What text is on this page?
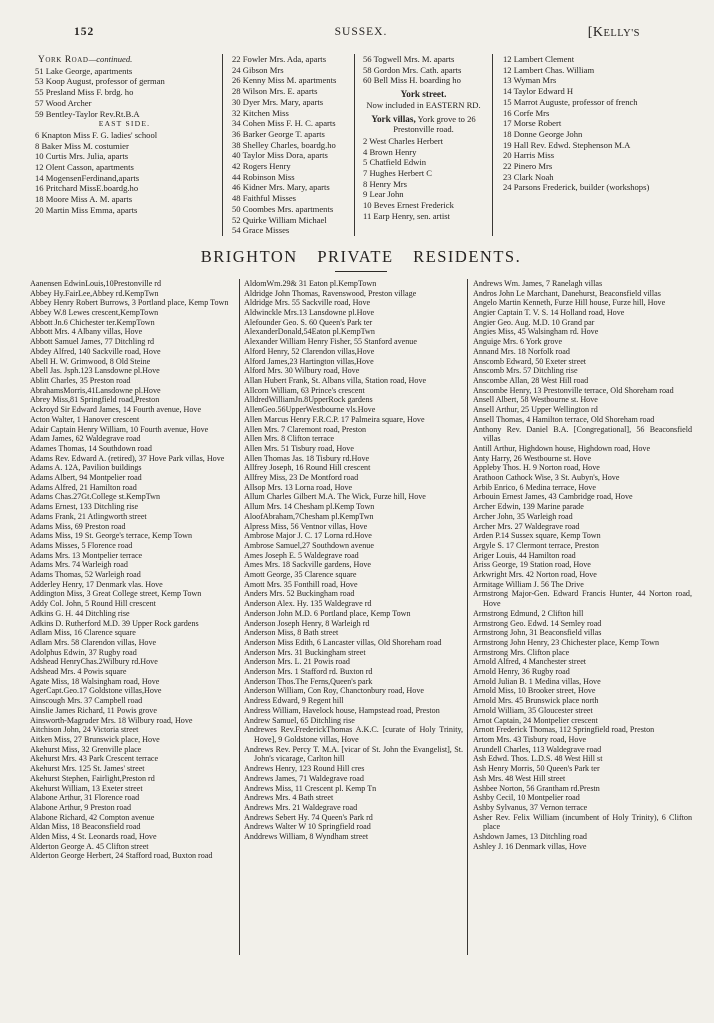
152	SUSSEX.	[KELLY'S
York Road—continued.
51 Lake George, apartments
53 Koop August, professor of german
55 Presland Miss F. brdg. ho
57 Wood Archer
59 Bentley-Taylor Rev.Rt.B.A
EAST SIDE.
6 Knapton Miss F. G. ladies' school
8 Baker Miss M. costumier
10 Curtis Mrs. Julia, aparts
12 Olent Casson, apartments
14 MogensenFerdinand,aparts
16 Pritchard MissE.boardg.ho
18 Moore Miss A. M. aparts
20 Martin Miss Emma, aparts
22 Fowler Mrs. Ada, aparts
24 Gibson Mrs
26 Kenny Miss M. apartments
28 Wilson Mrs. E. aparts
30 Dyer Mrs. Mary, aparts
32 Kitchen Miss
34 Cohen Miss F. H. C. aparts
36 Barker George T. aparts
38 Shelley Charles, boardg.ho
40 Taylor Miss Dora, aparts
42 Rogers Henry
44 Robinson Miss
46 Kidner Mrs. Mary, aparts
48 Faithful Misses
50 Coombes Mrs. apartments
52 Quirke William Michael
54 Grace Misses
56 Togwell Mrs. M. aparts
58 Gordon Mrs. Cath. aparts
60 Bell Miss H. boarding ho
York street.
Now included in EASTERN RD.
York villas, York grove to 26 Prestonville road.
2 West Charles Herbert
4 Brown Henry
5 Chatfield Edwin
7 Hughes Herbert C
8 Henry Mrs
9 Lear John
10 Beves Ernest Frederick
11 Earp Henry, sen. artist
12 Lambert Clement
12 Lambert Chas. William
13 Wyman Mrs
14 Taylor Edward H
15 Marrot Auguste, professor of french
16 Corfe Mrs
17 Morse Robert
18 Donne George John
19 Hall Rev. Edwd. Stephenson M.A
20 Harris Miss
22 Pinero Mrs
23 Clark Noah
24 Parsons Frederick, builder (workshops)
BRIGHTON PRIVATE RESIDENTS.
Aanensen EdwinLouis,10Prestonville rd
Abbey Hy.FairLee,Abbey rd.KempTwn
Abbey Henry Robert Burrows, 3 Portland place, Kemp Town
Abbey W.8 Lewes crescent,KempTown
Abbott Jn.6 Chichester ter.KempTown
Abbott Mrs. 4 Albany villas, Hove
Abbott Samuel James, 77 Ditchling rd
Abdey Alfred, 140 Sackville road, Hove
Abell H. W. Grimwood, 8 Old Steine
Abell Jas. Jsph.123 Lansdowne pl.Hove
Ablitt Charles, 35 Preston road
AbrahamsMorris,41Lansdowne pl.Hove
Abrey Miss,81 Springfield road,Preston
Ackroyd Sir Edward James, 14 Fourth avenue, Hove
Acton Walter, 1 Hanover crescent
Adair Captain Henry William, 10 Fourth avenue, Hove
Adam James, 62 Waldegrave road
Adames Thomas, 14 Southdown road
Adams Rev. Edward A. (retired), 37 Hove Park villas, Hove
Adams A. 12A, Pavilion buildings
Adams Albert, 94 Montpelier road
Adams Alfred, 21 Hamilton road
Adams Chas.27Gt.College st.KempTwn
Adams Ernest, 133 Ditchling rise
Adams Frank, 21 Atlingworth street
Adams Miss, 69 Preston road
Adams Miss, 19 St. George's terrace, Kemp Town
Adams Misses, 5 Florence road
Adams Mrs. 13 Montpelier terrace
Adams Mrs. 74 Warleigh road
Adams Thomas, 52 Warleigh road
Adderley Henry, 17 Denmark vlas. Hove
Addington Miss, 3 Great College street, Kemp Town
Addy Col. John, 5 Round Hill crescent
Adkins G. H. 44 Ditchling rise
Adkins D. Rutherford M.D. 39 Upper Rock gardens
Adlam Miss, 16 Clarence square
Adlam Mrs. 58 Clarendon villas, Hove
Adolphus Edwin, 37 Rugby road
Adshead HenryChas.2Wilbury rd.Hove
Adshead Mrs. 4 Powis square
Agate Miss, 18 Walsingham road, Hove
AgerCapt.Geo.17 Goldstone villas,Hove
Ainscough Mrs. 37 Campbell road
Ainslie James Richard, 11 Powis grove
Ainsworth-Magruder Mrs. 18 Wilbury road, Hove
Aitchison John, 24 Victoria street
Aitken Miss, 27 Brunswick place, Hove
Akehurst Miss, 32 Grenville place
Akehurst Mrs. 43 Park Crescent terrace
Akehurst Mrs. 125 St. James' street
Akehurst Stephen, Fairlight,Preston rd
Akehurst William, 13 Exeter street
Alabone Arthur, 31 Florence road
Alabone Arthur, 9 Preston road
Alabone Richard, 42 Compton avenue
Aldan Miss, 18 Beaconsfield road
Alden Miss, 4 St. Leonards road, Hove
Alderton George A. 45 Clifton street
Alderton George Herbert, 24 Stafford road, Buxton road
AldomWm.29& 31 Eaton pl.KempTown
Aldridge John Thomas, Ravenswood, Preston village
Aldridge Mrs. 55 Sackville road, Hove
Aldwinckle Mrs.13 Lansdowne pl.Hove
Alefounder Geo. S. 60 Queen's Park ter
AlexanderDonald,54Eaton pl.KempTwn
Alexander William Henry Fisher, 55 Stanford avenue
Alford Henry, 52 Clarendon villas,Hove
Alford James,23 Hartington villas,Hove
Alford Mrs. 30 Wilbury road, Hove
Allan Hubert Frank, St. Albans villa, Station road, Hove
Allcorn William, 63 Prince's crescent
AlldredWilliamJn.8UpperRock gardens
AllenGeo.56UpperWestbourne vls.Hove
Allen Marcus Henry F.R.C.P. 17 Palmeira square, Hove
Allen Mrs. 7 Claremont road, Preston
Allen Mrs. 8 Clifton terrace
Allen Mrs. 51 Tisbury road, Hove
Allen Thomas Jas. 18 Tisbury rd.Hove
Allfrey Joseph, 16 Round Hill crescent
Allfrey Miss, 23 De Montford road
Allsop Mrs. 13 Lorna road, Hove
Allum Charles Gilbert M.A. The Wick, Furze hill, Hove
Allum Mrs. 14 Chesham pl.Kemp Town
AloofAbraham,7Chesham pl.KempTwn
Alpress Miss, 56 Ventnor villas, Hove
Ambrose Major J. C. 17 Lorna rd.Hove
Ambrose Samuel,27 Southdown avenue
Ames Joseph E. 5 Waldegrave road
Ames Mrs. 18 Sackville gardens, Hove
Amott George, 35 Clarence square
Amott Mrs. 35 Fonthill road, Hove
Anders Mrs. 52 Buckingham road
Anderson Alex. Hy. 135 Waldegrave rd
Anderson John M.D. 6 Portland place, Kemp Town
Anderson Joseph Henry, 8 Warleigh rd
Anderson Miss, 8 Bath street
Anderson Miss Edith, 6 Lancaster villas, Old Shoreham road
Anderson Mrs. 31 Buckingham street
Anderson Mrs. L. 21 Powis road
Anderson Mrs. 1 Stafford rd. Buxton rd
Anderson Thos.The Ferns,Queen's park
Anderson William, Con Roy, Chanctonbury road, Hove
Andress Edward, 9 Regent hill
Andress William, Havelock house, Hampstead road, Preston
Andrew Samuel, 65 Ditchling rise
Andrewes Rev.FrederickThomas A.K.C. [curate of Holy Trinity, Hove], 9 Goldstone villas, Hove
Andrews Rev. Percy T. M.A. [vicar of St. John the Evangelist], St. John's vicarage, Carlton hill
Andrews Henry, 123 Round Hill cres
Andrews James, 71 Waldegrave road
Andrews Miss, 11 Crescent pl. Kemp Tn
Andrews Mrs. 4 Bath street
Andrews Mrs. 21 Waldegrave road
Andrews Sebert Hy. 74 Queen's Park rd
Andrews Walter W 10 Springfield road
Anddrews William, 8 Wyndham street
Andrews Wm. James, 7 Ranelagh villas
Andros John Le Marchant, Danehurst, Beaconsfield villas
Angelo Martin Kenneth, Furze Hill house, Furze hill, Hove
Angier Captain T. V. S. 14 Holland road, Hove
Angier Geo. Aug. M.D. 10 Grand par
Angies Miss, 45 Walsingham rd. Hove
Anguige Mrs. 6 York grove
Annand Mrs. 18 Norfolk road
Anscomb Edward, 50 Exeter street
Anscomb Mrs. 57 Ditchling rise
Anscombe Allan, 28 West Hill road
Anscombe Henry, 13 Prestonville terrace, Old Shoreham road
Ansell Albert, 58 Westbourne st. Hove
Ansell Arthur, 25 Upper Wellington rd
Ansell Thomas, 4 Hamilton terrace, Old Shoreham road
Anthony Rev. Daniel B.A. [Congregational], 56 Beaconsfield villas
Antill Arthur, Highdown house, Highdown road, Hove
Anty Harry, 26 Westbourne st. Hove
Appleby Thos. H. 9 Norton road, Hove
Arathoon Cathock Wise, 3 St. Aubyn's, Hove
Arbib Enrico, 6 Medina terrace, Hove
Arbouin Ernest James, 43 Cambridge road, Hove
Archer Edwin, 139 Marine parade
Archer John, 35 Warleigh road
Archer Mrs. 27 Waldegrave road
Arden P.14 Sussex square, Kemp Town
Argyle S. 17 Clermont terrace, Preston
Ariger Louis, 44 Hamilton road
Ariss George, 19 Station road, Hove
Arkwright Mrs. 42 Norton road, Hove
Armitage William J. 56 The Drive
Armstrong Major-Gen. Edward Francis Hunter, 44 Norton road, Hove
Armstrong Edmund, 2 Clifton hill
Armstrong Geo. Edwd. 14 Semley road
Armstrong John, 31 Beaconsfield villas
Armstrong John Henry, 23 Chichester place, Kemp Town
Armstrong Mrs. Clifton place
Arnold Alfred, 4 Manchester street
Arnold Henry, 36 Rugby road
Arnold Julian B. 1 Medina villas, Hove
Arnold Miss, 10 Brooker street, Hove
Arnold Mrs. 45 Brunswick place north
Arnold William, 35 Gloucester street
Arnot Captain, 24 Montpelier crescent
Arnott Frederick Thomas, 112 Springfield road, Preston
Artom Mrs. 43 Tisbury road, Hove
Arundell Charles, 113 Waldegrave road
Ash Edwd. Thos. L.D.S. 48 West Hill st
Ash Henry Morris, 50 Queen's Park ter
Ash Mrs. 48 West Hill street
Ashbee Norton, 56 Grantham rd.Prestn
Ashby Cecil, 10 Montpelier road
Ashby Sylvanus, 37 Vernon terrace
Asher Rev. Felix William (incumbent of Holy Trinity), 6 Clifton place
Ashdown James, 13 Ditchling road
Ashley J. 16 Denmark villas, Hove
